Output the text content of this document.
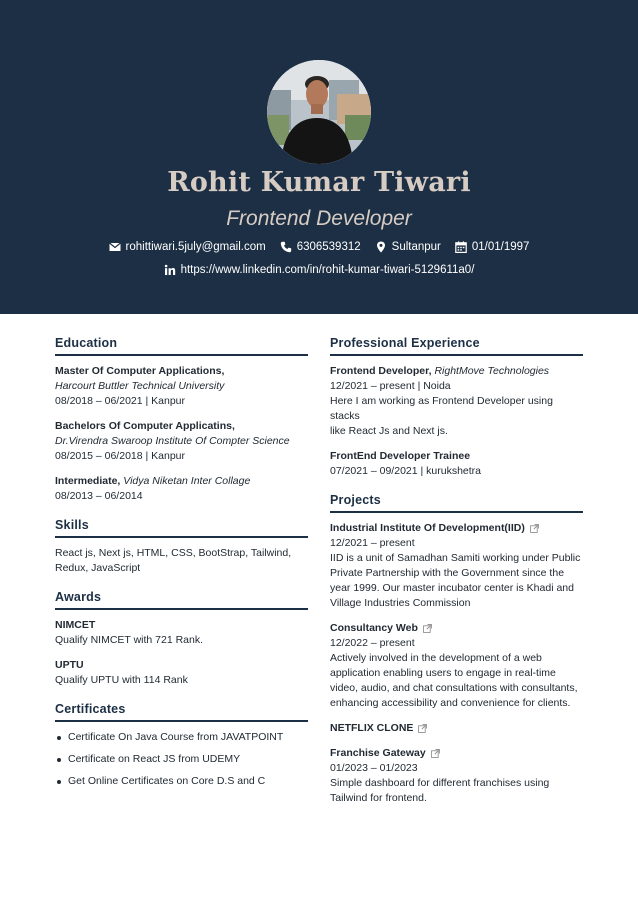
Rohit Kumar Tiwari
Frontend Developer
rohittiwari.5july@gmail.com	6306539312	Sultanpur	01/01/1997
https://www.linkedin.com/in/rohit-kumar-tiwari-5129611a0/
Education
Master Of Computer Applications,
Harcourt Buttler Technical University
08/2018 – 06/2021 | Kanpur
Bachelors Of Computer Applicatins,
Dr.Virendra Swaroop Institute Of Compter Science
08/2015 – 06/2018 | Kanpur
Intermediate, Vidya Niketan Inter Collage
08/2013 – 06/2014
Skills
React js, Next js, HTML, CSS, BootStrap, Tailwind,
Redux, JavaScript
Awards
NIMCET
Qualify NIMCET with 721 Rank.
UPTU
Qualify UPTU with 114 Rank
Certificates
Certificate On Java Course from JAVATPOINT
Certificate on React JS from UDEMY
Get Online Certificates on Core D.S and C
Professional Experience
Frontend Developer, RightMove Technologies
12/2021 – present | Noida
Here I am working as Frontend Developer using stacks
like React Js and Next js.
FrontEnd Developer Trainee
07/2021 – 09/2021 | kurukshetra
Projects
Industrial Institute Of Development(IID)
12/2021 – present
IID is a unit of Samadhan Samiti working under Public
Private Partnership with the Government since the
year 1999. Our master incubator center is Khadi and
Village Industries Commission
Consultancy Web
12/2022 – present
Actively involved in the development of a web
application enabling users to engage in real-time
video, audio, and chat consultations with consultants,
enhancing accessibility and convenience for clients.
NETFLIX CLONE
Franchise Gateway
01/2023 – 01/2023
Simple dashboard for different franchises using
Tailwind for frontend.
